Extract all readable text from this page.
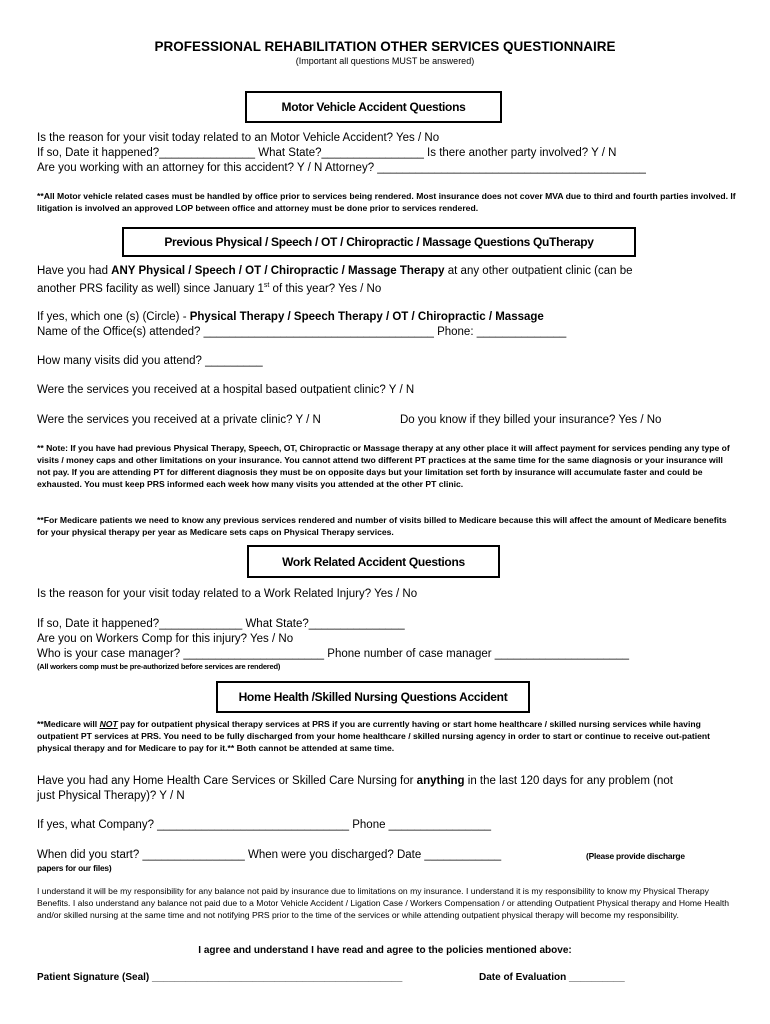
PROFESSIONAL REHABILITATION OTHER SERVICES QUESTIONNAIRE
(Important all questions MUST be answered)
Motor Vehicle Accident Questions
Is the reason for your visit today related to an Motor Vehicle Accident? Yes / No
If so, Date it happened?_______________ What State?________________ Is there another party involved? Y / N
Are you working with an attorney for this accident? Y / N Attorney? __________________________________________
**All Motor vehicle related cases must be handled by office prior to services being rendered. Most insurance does not cover MVA due to third and fourth parties involved. If litigation is involved an approved LOP between office and attorney must be done prior to services rendered.
Previous Physical / Speech / OT / Chiropractic / Massage Questions QuTherapy
Have you had ANY Physical / Speech / OT / Chiropractic / Massage Therapy at any other outpatient clinic (can be
another PRS facility as well) since January 1st of this year? Yes / No
If yes, which one (s) (Circle) - Physical Therapy / Speech Therapy / OT / Chiropractic / Massage
Name of the Office(s) attended? ____________________________________ Phone: ______________
How many visits did you attend? _________
Were the services you received at a hospital based outpatient clinic? Y / N
Were the services you received at a private clinic? Y / N	Do you know if they billed your insurance? Yes / No
** Note: If you have had previous Physical Therapy, Speech, OT, Chiropractic or Massage therapy at any other place it will affect payment for services pending any type of visits / money caps and other limitations on your insurance. You cannot attend two different PT practices at the same time for the same diagnosis or your insurance will not pay. If you are attending PT for different diagnosis they must be on opposite days but your limitation set forth by insurance will accumulate faster and could be exhausted. You must keep PRS informed each week how many visits you attended at the other PT clinic.
**For Medicare patients we need to know any previous services rendered and number of visits billed to Medicare because this will affect the amount of Medicare benefits for your physical therapy per year as Medicare sets caps on Physical Therapy services.
Work Related Accident Questions
Is the reason for your visit today related to a Work Related Injury? Yes / No
If so, Date it happened?_____________ What State?_______________
Are you on Workers Comp for this injury? Yes / No
Who is your case manager? ______________________ Phone number of case manager _____________________
(All workers comp must be pre-authorized before services are rendered)
Home Health /Skilled Nursing Questions Accident
**Medicare will NOT pay for outpatient physical therapy services at PRS if you are currently having or start home healthcare / skilled nursing services while having outpatient PT services at PRS. You need to be fully discharged from your home healthcare / skilled nursing agency in order to start or continue to receive out-patient physical therapy and for Medicare to pay for it.** Both cannot be attended at same time.
Have you had any Home Health Care Services or Skilled Care Nursing for anything in the last 120 days for any problem (not
just Physical Therapy)? Y / N
If yes, what Company? ______________________________ Phone ________________
When did you start? ________________ When were you discharged? Date ____________	(Please provide discharge
papers for our files)
I understand it will be my responsibility for any balance not paid by insurance due to limitations on my insurance. I understand it is my responsibility to know my Physical Therapy Benefits. I also understand any balance not paid due to a Motor Vehicle Accident / Ligation Case / Workers Compensation / or attending Outpatient Physical therapy and Home Health and/or skilled nursing at the same time and not notifying PRS prior to the time of the services or while attending outpatient physical therapy will become my responsibility.
I agree and understand I have read and agree to the policies mentioned above:
Patient Signature (Seal) _____________________________________________	Date of Evaluation __________
